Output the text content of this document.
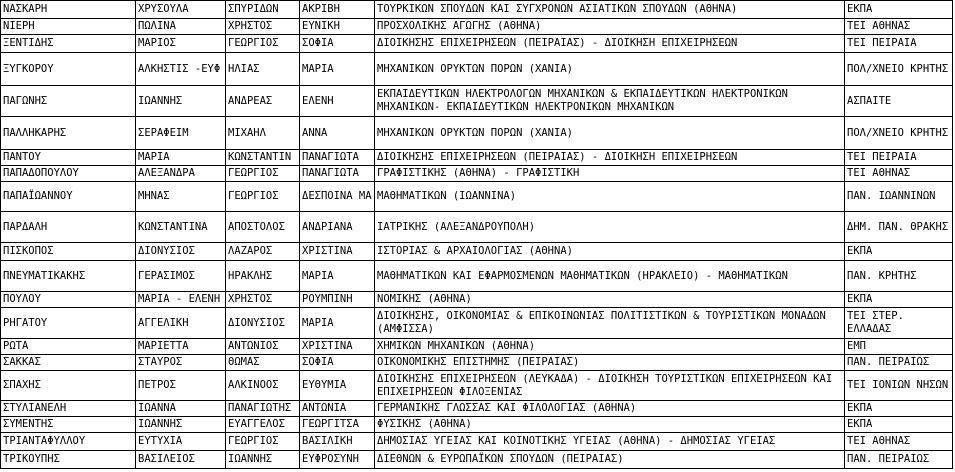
ΝΑΣΚΑΡΗ	ΧΡΥΣΟΥΛΑ	ΣΠΥΡΙΔΩΝ	ΑΚΡΙΒΗ	ΤΟΥΡΚΙΚΩΝ ΣΠΟΥΔΩΝ ΚΑΙ ΣΥΓΧΡΟΝΩΝ ΑΣΙΑΤΙΚΩΝ ΣΠΟΥΔΩΝ (ΑΘΗΝΑ)	ΕΚΠΑ
ΝΙΕΡΗ	ΠΩΛΙΝΑ	ΧΡΗΣΤΟΣ	ΕΥΝΙΚΗ	ΠΡΟΣΧΟΛΙΚΗΣ ΑΓΩΓΗΣ (ΑΘΗΝΑ)	ΤΕΙ ΑΘΗΝΑΣ
ΞΕΝΤΙΔΗΣ	ΜΑΡΙΟΣ	ΓΕΩΡΓΙΟΣ	ΣΟΦΙΑ	ΔΙΟΙΚΗΣΗΣ ΕΠΙΧΕΙΡΗΣΕΩΝ (ΠΕΙΡΑΙΑΣ) - ΔΙΟΙΚΗΣΗ ΕΠΙΧΕΙΡΗΣΕΩΝ	ΤΕΙ ΠΕΙΡΑΙΑ
ΞΥΓΚΟΡΟΥ	ΑΛΚΗΣΤΙΣ -ΕΥΦ	ΗΛΙΑΣ	ΜΑΡΙΑ	ΜΗΧΑΝΙΚΩΝ ΟΡΥΚΤΩΝ ΠΟΡΩΝ (ΧΑΝΙΑ)	ΠΟΛ/ΧΝΕΙΟ ΚΡΗΤΗΣ
ΠΑΓΩΝΗΣ	ΙΩΑΝΝΗΣ	ΑΝΔΡΕΑΣ	ΕΛΕΝΗ	ΕΚΠΑΙΔΕΥΤΙΚΩΝ ΗΛΕΚΤΡΟΛΟΓΩΝ ΜΗΧΑΝΙΚΩΝ & ΕΚΠΑΙΔΕΥΤΙΚΩΝ ΗΛΕΚΤΡΟΝΙΚΩΝ ΜΗΧΑΝΙΚΩΝ- ΕΚΠΑΙΔΕΥΤΙΚΩΝ ΗΛΕΚΤΡΟΝΙΚΩΝ ΜΗΧΑΝΙΚΩΝ	ΑΣΠΑΙΤΕ
ΠΑΛΛΗΚΑΡΗΣ	ΣΕΡΑΦΕΙΜ	ΜΙΧΑΗΛ	ΑΝΝΑ	ΜΗΧΑΝΙΚΩΝ ΟΡΥΚΤΩΝ ΠΟΡΩΝ (ΧΑΝΙΑ)	ΠΟΛ/ΧΝΕΙΟ ΚΡΗΤΗΣ
ΠΑΝΤΟΥ	ΜΑΡΙΑ	ΚΩΝΣΤΑΝΤΙΝ	ΠΑΝΑΓΙΩΤΑ	ΔΙΟΙΚΗΣΗΣ ΕΠΙΧΕΙΡΗΣΕΩΝ (ΠΕΙΡΑΙΑΣ) - ΔΙΟΙΚΗΣΗ ΕΠΙΧΕΙΡΗΣΕΩΝ	ΤΕΙ ΠΕΙΡΑΙΑ
ΠΑΠΑΔΟΠΟΥΛΟΥ	ΑΛΕΞΑΝΔΡΑ	ΓΕΩΡΓΙΟΣ	ΠΑΝΑΓΙΩΤΑ	ΓΡΑΦΙΣΤΙΚΗΣ (ΑΘΗΝΑ) - ΓΡΑΦΙΣΤΙΚΗ	ΤΕΙ ΑΘΗΝΑΣ
ΠΑΠΑΪΩΑΝΝΟΥ	ΜΗΝΑΣ	ΓΕΩΡΓΙΟΣ	ΔΕΣΠΟΙΝΑ ΜΑ	ΜΑΘΗΜΑΤΙΚΩΝ (ΙΩΑΝΝΙΝΑ)	ΠΑΝ. ΙΩΑΝΝΙΝΩΝ
ΠΑΡΔΑΛΗ	ΚΩΝΣΤΑΝΤΙΝΑ	ΑΠΟΣΤΟΛΟΣ	ΑΝΔΡΙΑΝΑ	ΙΑΤΡΙΚΗΣ (ΑΛΕΞΑΝΔΡΟΥΠΟΛΗ)	ΔΗΜ. ΠΑΝ. ΘΡΑΚΗΣ
ΠΙΣΚΟΠΟΣ	ΔΙΟΝΥΣΙΟΣ	ΛΑΖΑΡΟΣ	ΧΡΙΣΤΙΝΑ	ΙΣΤΟΡΙΑΣ & ΑΡΧΑΙΟΛΟΓΙΑΣ (ΑΘΗΝΑ)	ΕΚΠΑ
ΠΝΕΥΜΑΤΙΚΑΚΗΣ	ΓΕΡΑΣΙΜΟΣ	ΗΡΑΚΛΗΣ	ΜΑΡΙΑ	ΜΑΘΗΜΑΤΙΚΩΝ ΚΑΙ ΕΦΑΡΜΟΣΜΕΝΩΝ ΜΑΘΗΜΑΤΙΚΩΝ (ΗΡΑΚΛΕΙΟ) - ΜΑΘΗΜΑΤΙΚΩΝ	ΠΑΝ. ΚΡΗΤΗΣ
ΠΟΥΛΟΥ	ΜΑΡΙΑ - ΕΛΕΝΗ	ΧΡΗΣΤΟΣ	ΡΟΥΜΠΙΝΗ	ΝΟΜΙΚΗΣ (ΑΘΗΝΑ)	ΕΚΠΑ
ΡΗΓΑΤΟΥ	ΑΓΓΕΛΙΚΗ	ΔΙΟΝΥΣΙΟΣ	ΜΑΡΙΑ	ΔΙΟΙΚΗΣΗΣ, ΟΙΚΟΝΟΜΙΑΣ & ΕΠΙΚΟΙΝΩΝΙΑΣ ΠΟΛΙΤΙΣΤΙΚΩΝ & ΤΟΥΡΙΣΤΙΚΩΝ ΜΟΝΑΔΩΝ (ΑΜΦΙΣΣΑ)	ΤΕΙ ΣΤΕΡ. ΕΛΛΑΔΑΣ
ΡΩΤΑ	ΜΑΡΙΕΤΤΑ	ΑΝΤΩΝΙΟΣ	ΧΡΙΣΤΙΝΑ	ΧΗΜΙΚΩΝ ΜΗΧΑΝΙΚΩΝ (ΑΘΗΝΑ)	ΕΜΠ
ΣΑΚΚΑΣ	ΣΤΑΥΡΟΣ	ΘΩΜΑΣ	ΣΟΦΙΑ	ΟΙΚΟΝΟΜΙΚΗΣ ΕΠΙΣΤΗΜΗΣ (ΠΕΙΡΑΙΑΣ)	ΠΑΝ. ΠΕΙΡΑΙΩΣ
ΣΠΑΧΗΣ	ΠΕΤΡΟΣ	ΑΛΚΙΝΟΟΣ	ΕΥΘΥΜΙΑ	ΔΙΟΙΚΗΣΗΣ ΕΠΙΧΕΙΡΗΣΕΩΝ (ΛΕΥΚΑΔΑ) - ΔΙΟΙΚΗΣΗ ΤΟΥΡΙΣΤΙΚΩΝ ΕΠΙΧΕΙΡΗΣΕΩΝ ΚΑΙ ΕΠΙΧΕΙΡΗΣΕΩΝ ΦΙΛΟΞΕΝΙΑΣ	ΤΕΙ ΙΟΝΙΩΝ ΝΗΣΩΝ
ΣΤΥΛΙΑΝΕΛΗ	ΙΩΑΝΝΑ	ΠΑΝΑΓΙΩΤΗΣ	ΑΝΤΩΝΙΑ	ΓΕΡΜΑΝΙΚΗΣ ΓΛΩΣΣΑΣ ΚΑΙ ΦΙΛΟΛΟΓΙΑΣ (ΑΘΗΝΑ)	ΕΚΠΑ
ΣΥΜΕΝΤΗΣ	ΙΩΑΝΝΗΣ	ΕΥΑΓΓΕΛΟΣ	ΓΕΩΡΓΙΤΣΑ	ΦΥΣΙΚΗΣ (ΑΘΗΝΑ)	ΕΚΠΑ
ΤΡΙΑΝΤΑΦΥΛΛΟΥ	ΕΥΤΥΧΙΑ	ΓΕΩΡΓΙΟΣ	ΒΑΣΙΛΙΚΗ	ΔΗΜΟΣΙΑΣ ΥΓΕΙΑΣ ΚΑΙ ΚΟΙΝΟΤΙΚΗΣ ΥΓΕΙΑΣ (ΑΘΗΝΑ) - ΔΗΜΟΣΙΑΣ ΥΓΕΙΑΣ	ΤΕΙ ΑΘΗΝΑΣ
ΤΡΙΚΟΥΠΗΣ	ΒΑΣΙΛΕΙΟΣ	ΙΩΑΝΝΗΣ	ΕΥΦΡΟΣΥΝΗ	ΔΙΕΘΝΩΝ & ΕΥΡΩΠΑΪΚΩΝ ΣΠΟΥΔΩΝ (ΠΕΙΡΑΙΑΣ)	ΠΑΝ. ΠΕΙΡΑΙΩΣ
